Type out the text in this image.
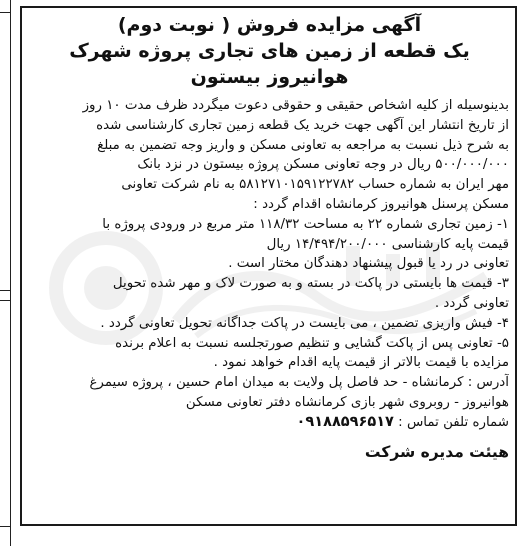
آگهی مزایده فروش ( نوبت دوم)

یک قطعه از زمین های تجاری پروژه شهرک هوانیروز بیستون

بدینوسیله از کلیه اشخاص حقیقی و حقوقی دعوت میگردد ظرف مدت ۱۰ روز

از تاریخ انتشار این آگهی جهت خرید یک قطعه زمین تجاری کارشناسی شده

به شرح ذیل نسبت به مراجعه به تعاونی مسکن و واریز وجه تضمین به مبلغ

۵۰۰/۰۰۰/۰۰۰ ریال در وجه تعاونی مسکن پروژه بیستون در نزد بانک

مهر ایران به شماره حساب ۵۸۱۲۷۱۰۱۵۹۱۲۲۷۸۲ به نام شرکت تعاونی

مسکن پرسنل هوانیروز کرمانشاه اقدام گردد :

۱- زمین تجاری شماره ۲۲ به مساحت ۱۱۸/۳۲ متر مربع در ورودی پروژه با

قیمت پایه کارشناسی ۱۴/۴۹۴/۲۰۰/۰۰۰ ریال

تعاونی در رد یا قبول پیشنهاد دهندگان مختار است .

۳- قیمت ها بایستی در پاکت در بسته و به صورت لاک و مهر شده تحویل

تعاونی گردد .

۴- فیش واریزی تضمین ، می بایست در پاکت جداگانه تحویل تعاونی گردد .

۵- تعاونی پس از پاکت گشایی و تنظیم صورتجلسه نسبت به اعلام برنده

مزایده با قیمت بالاتر از قیمت پایه اقدام خواهد نمود .

آدرس : کرمانشاه - حد فاصل پل ولایت به میدان امام حسین ، پروژه سیمرغ

هوانیروز - روبروی شهر بازی کرمانشاه دفتر تعاونی مسکن

شماره تلفن تماس : ۰۹۱۸۸۵۹۶۵۱۷

هیئت مدیره شرکت
